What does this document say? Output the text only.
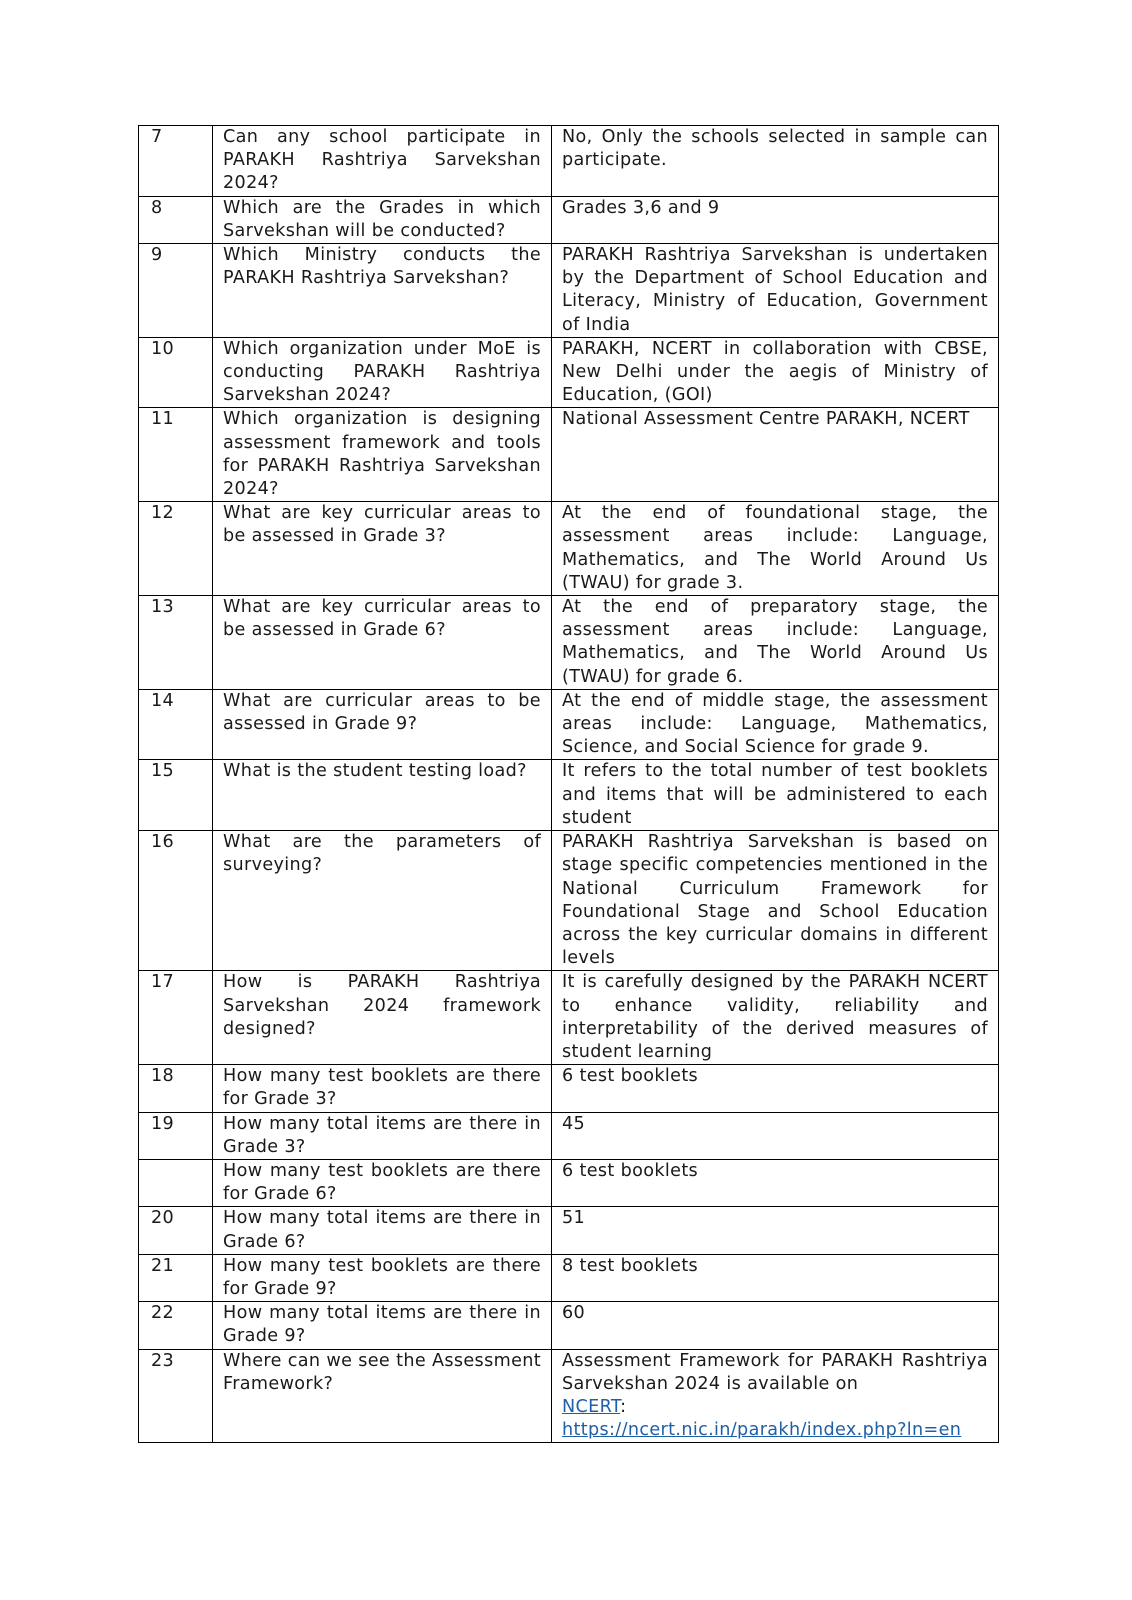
7	Can any school participate in PARAKH Rashtriya Sarvekshan 2024?	No, Only the schools selected in sample can participate.
8	Which are the Grades in which Sarvekshan will be conducted?	Grades 3,6 and 9
9	Which Ministry conducts the PARAKH Rashtriya Sarvekshan?	PARAKH Rashtriya Sarvekshan is undertaken by the Department of School Education and Literacy, Ministry of Education, Government of India
10	Which organization under MoE is conducting PARAKH Rashtriya Sarvekshan 2024?	PARAKH, NCERT in collaboration with CBSE, New Delhi under the aegis of Ministry of Education, (GOI)
11	Which organization is designing assessment framework and tools for PARAKH Rashtriya Sarvekshan 2024?	National Assessment Centre PARAKH, NCERT
12	What are key curricular areas to be assessed in Grade 3?	At the end of foundational stage, the assessment areas include: Language, Mathematics, and The World Around Us (TWAU) for grade 3.
13	What are key curricular areas to be assessed in Grade 6?	At the end of preparatory stage, the assessment areas include: Language, Mathematics, and The World Around Us (TWAU) for grade 6.
14	What are curricular areas to be assessed in Grade 9?	At the end of middle stage, the assessment areas include: Language, Mathematics, Science, and Social Science for grade 9.
15	What is the student testing load?	It refers to the total number of test booklets and items that will be administered to each student
16	What are the parameters of surveying?	PARAKH Rashtriya Sarvekshan is based on stage specific competencies mentioned in the National Curriculum Framework for Foundational Stage and School Education across the key curricular domains in different levels
17	How is PARAKH Rashtriya Sarvekshan 2024 framework designed?	It is carefully designed by the PARAKH NCERT to enhance validity, reliability and interpretability of the derived measures of student learning
18	How many test booklets are there for Grade 3?	6 test booklets
19	How many total items are there in Grade 3?	45
	How many test booklets are there for Grade 6?	6 test booklets
20	How many total items are there in Grade 6?	51
21	How many test booklets are there for Grade 9?	8 test booklets
22	How many total items are there in Grade 9?	60
23	Where can we see the Assessment Framework?	Assessment Framework for PARAKH Rashtriya Sarvekshan 2024 is available on
NCERT:
https://ncert.nic.in/parakh/index.php?ln=en
